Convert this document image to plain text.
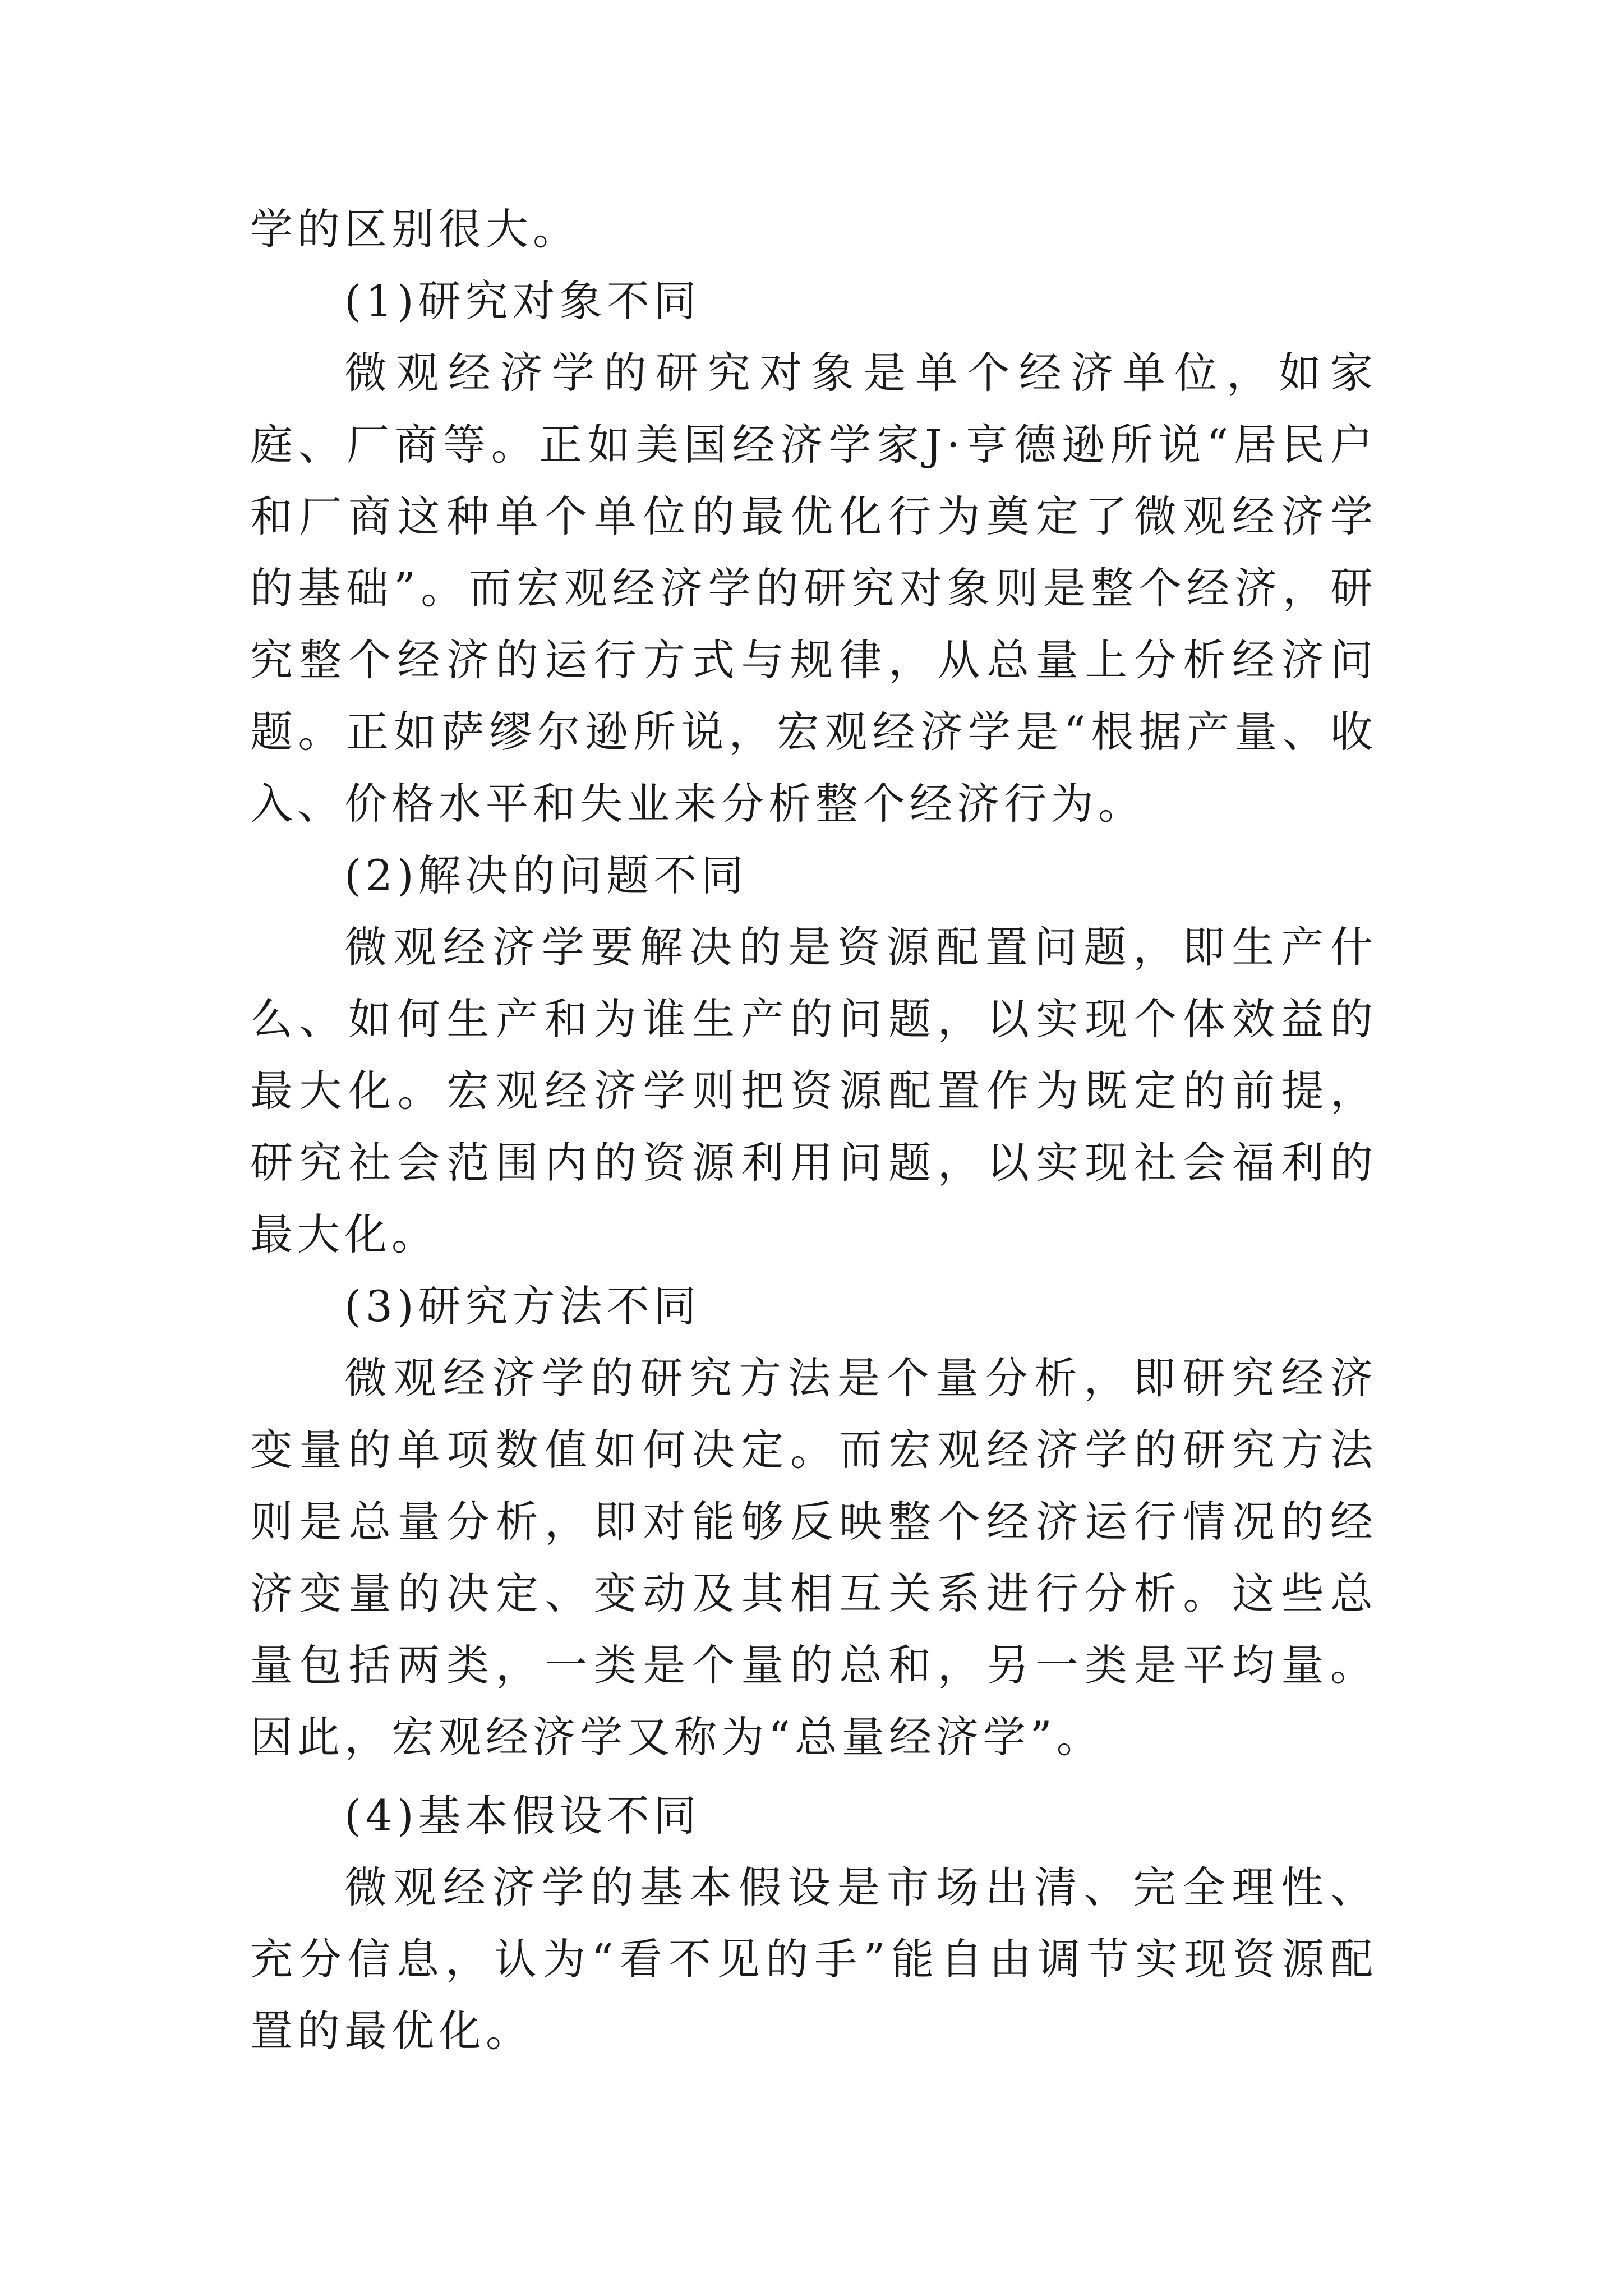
学的区别很大。

(1)研究对象不同

微观经济学的研究对象是单个经济单位，如家庭、厂商等。正如美国经济学家J·亨德逊所说“居民户和厂商这种单个单位的最优化行为奠定了微观经济学的基础”。而宏观经济学的研究对象则是整个经济，研究整个经济的运行方式与规律，从总量上分析经济问题。正如萨缪尔逊所说，宏观经济学是“根据产量、收入、价格水平和失业来分析整个经济行为。

(2)解决的问题不同

微观经济学要解决的是资源配置问题，即生产什么、如何生产和为谁生产的问题，以实现个体效益的最大化。宏观经济学则把资源配置作为既定的前提，研究社会范围内的资源利用问题，以实现社会福利的最大化。

(3)研究方法不同

微观经济学的研究方法是个量分析，即研究经济变量的单项数值如何决定。而宏观经济学的研究方法则是总量分析，即对能够反映整个经济运行情况的经济变量的决定、变动及其相互关系进行分析。这些总量包括两类，一类是个量的总和，另一类是平均量。因此，宏观经济学又称为“总量经济学”。

(4)基本假设不同

微观经济学的基本假设是市场出清、完全理性、充分信息，认为“看不见的手”能自由调节实现资源配置的最优化。
